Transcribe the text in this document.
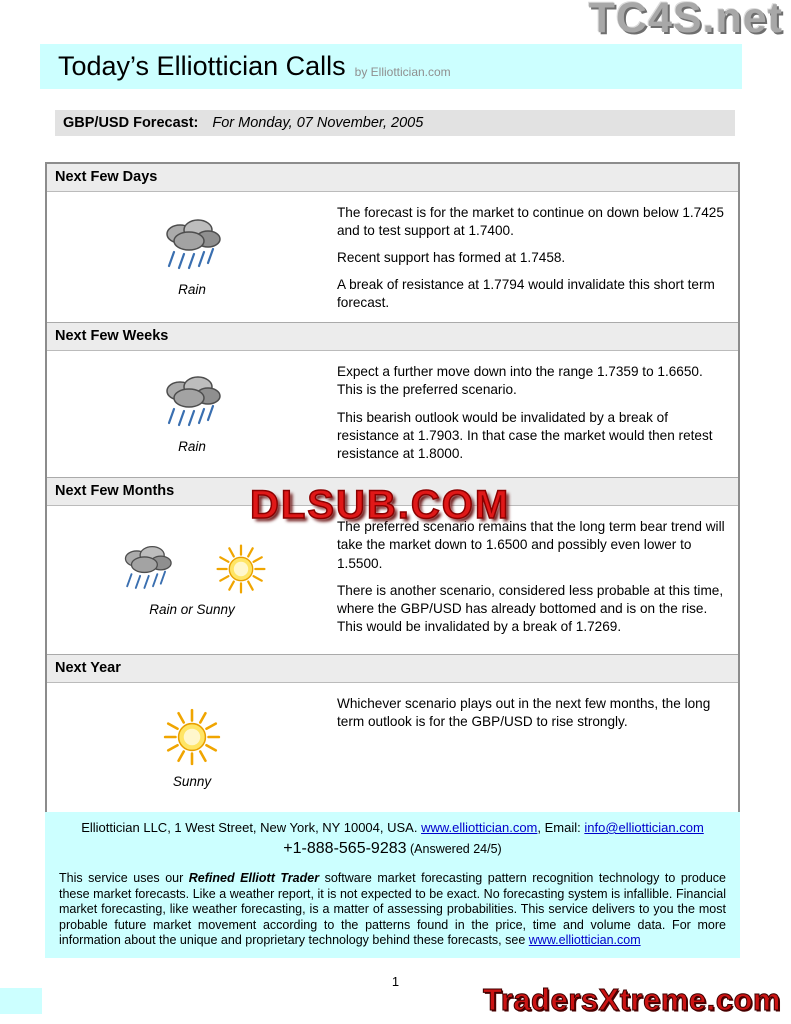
TC4S.net
Today’s Elliottician Calls by Elliottician.com
GBP/USD Forecast: For Monday, 07 November, 2005
Next Few Days
Rain

The forecast is for the market to continue on down below 1.7425 and to test support at 1.7400.

Recent support has formed at 1.7458.

A break of resistance at 1.7794 would invalidate this short term forecast.

Next Few Weeks
Rain

Expect a further move down into the range 1.7359 to 1.6650. This is the preferred scenario.

This bearish outlook would be invalidated by a break of resistance at 1.7903. In that case the market would then retest resistance at 1.8000.

Next Few Months
Rain or Sunny

The preferred scenario remains that the long term bear trend will take the market down to 1.6500 and possibly even lower to 1.5500.

There is another scenario, considered less probable at this time, where the GBP/USD has already bottomed and is on the rise. This would be invalidated by a break of 1.7269.

Next Year
Sunny

Whichever scenario plays out in the next few months, the long term outlook is for the GBP/USD to rise strongly.

Elliottician LLC, 1 West Street, New York, NY 10004, USA. www.elliottician.com, Email: info@elliottician.com
+1-888-565-9283 (Answered 24/5)
This service uses our Refined Elliott Trader software market forecasting pattern recognition technology to produce these market forecasts. Like a weather report, it is not expected to be exact. No forecasting system is infallible. Financial market forecasting, like weather forecasting, is a matter of assessing probabilities. This service delivers to you the most probable future market movement according to the patterns found in the price, time and volume data. For more information about the unique and proprietary technology behind these forecasts, see www.elliottician.com
1
TradersXtreme.com
DLSUB.COM
